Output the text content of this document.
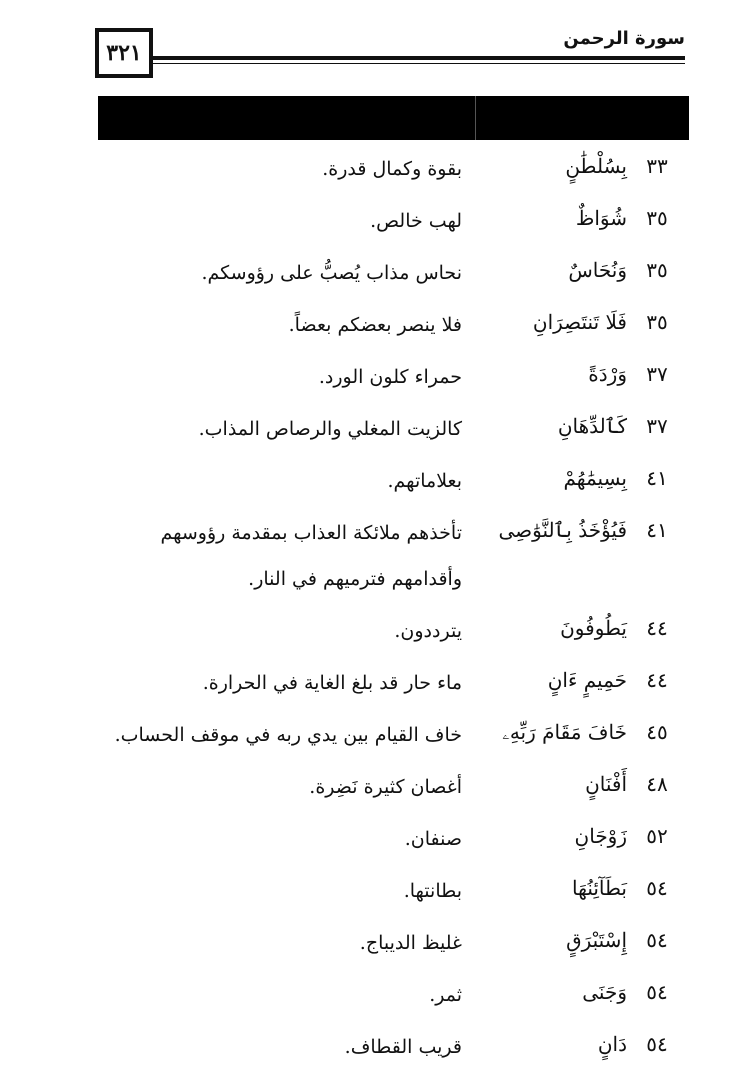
٣٢١
سورة الرحمن
٣٣
بِسُلْطَٰنٍ
بقوة وكمال قدرة.
٣٥
شُوَاظٌ
لهب خالص.
٣٥
وَنُحَاسٌ
نحاس مذاب يُصبُّ على رؤوسكم.
٣٥
فَلَا تَنتَصِرَانِ
فلا ينصر بعضكم بعضاً.
٣٧
وَرْدَةً
حمراء كلون الورد.
٣٧
كَٱلدِّهَانِ
كالزيت المغلي والرصاص المذاب.
٤١
بِسِيمَٰهُمْ
بعلاماتهم.
٤١
فَيُؤْخَذُ بِٱلنَّوَٰصِى
تأخذهم ملائكة العذاب بمقدمة رؤوسهم وأقدامهم فترميهم في النار.
٤٤
يَطُوفُونَ
يترددون.
٤٤
حَمِيمٍ ءَانٍ
ماء حار قد بلغ الغاية في الحرارة.
٤٥
خَافَ مَقَامَ رَبِّهِۦ
خاف القيام بين يدي ربه في موقف الحساب.
٤٨
أَفْنَانٍ
أغصان كثيرة نَضِرة.
٥٢
زَوْجَانِ
صنفان.
٥٤
بَطَآئِنُهَا
بطانتها.
٥٤
إِسْتَبْرَقٍ
غليظ الديباج.
٥٤
وَجَنَى
ثمر.
٥٤
دَانٍ
قريب القطاف.
